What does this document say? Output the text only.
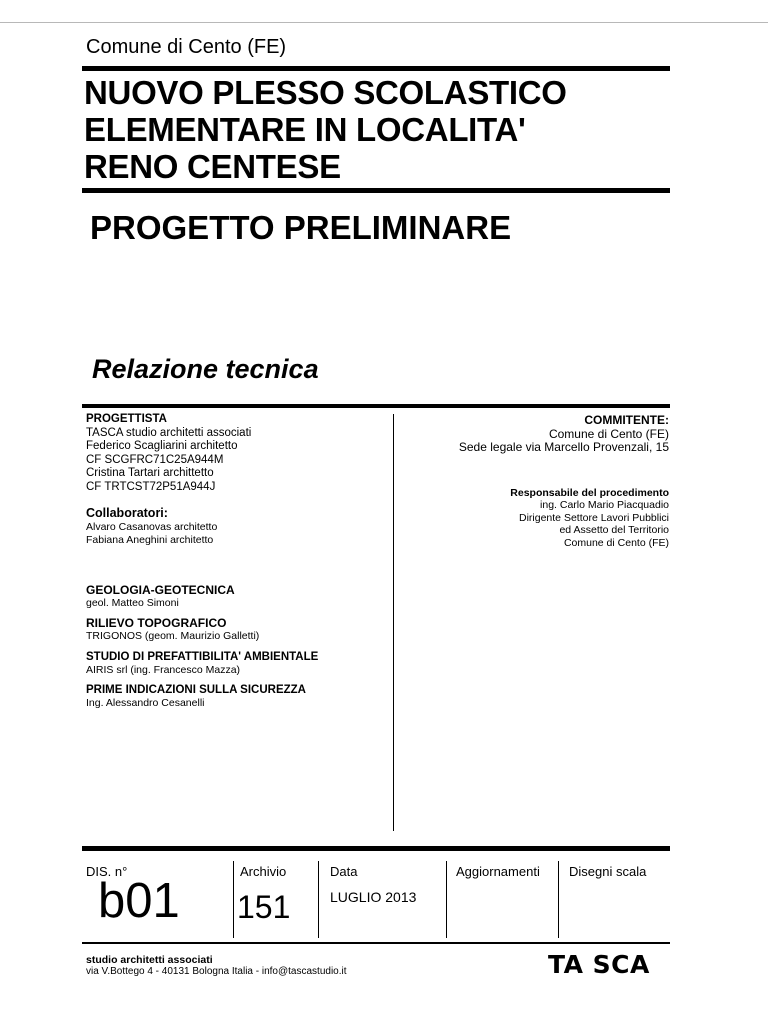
Comune di Cento (FE)
NUOVO PLESSO SCOLASTICO
ELEMENTARE IN LOCALITA'
RENO CENTESE
PROGETTO PRELIMINARE
Relazione tecnica
PROGETTISTA
TASCA studio architetti associati
Federico Scagliarini architetto
CF SCGFRC71C25A944M
Cristina Tartari archittetto
CF TRTCST72P51A944J
Collaboratori:
Alvaro Casanovas architetto
Fabiana Aneghini architetto
GEOLOGIA-GEOTECNICA
geol. Matteo Simoni
RILIEVO TOPOGRAFICO
TRIGONOS (geom. Maurizio Galletti)
STUDIO DI PREFATTIBILITA' AMBIENTALE
AIRIS srl (ing. Francesco Mazza)
PRIME INDICAZIONI SULLA SICUREZZA
Ing. Alessandro Cesanelli
COMMITENTE:
Comune di Cento (FE)
Sede legale via Marcello Provenzali, 15
Responsabile del procedimento
ing. Carlo Mario Piacquadio
Dirigente Settore Lavori Pubblici
ed Assetto del Territorio
Comune di Cento (FE)
DIS. n°
b01
Archivio
151
Data
LUGLIO 2013
Aggiornamenti Disegni scala
studio architetti associati
via V.Bottego 4 - 40131 Bologna Italia - info@tascastudio.it	TA SCA
